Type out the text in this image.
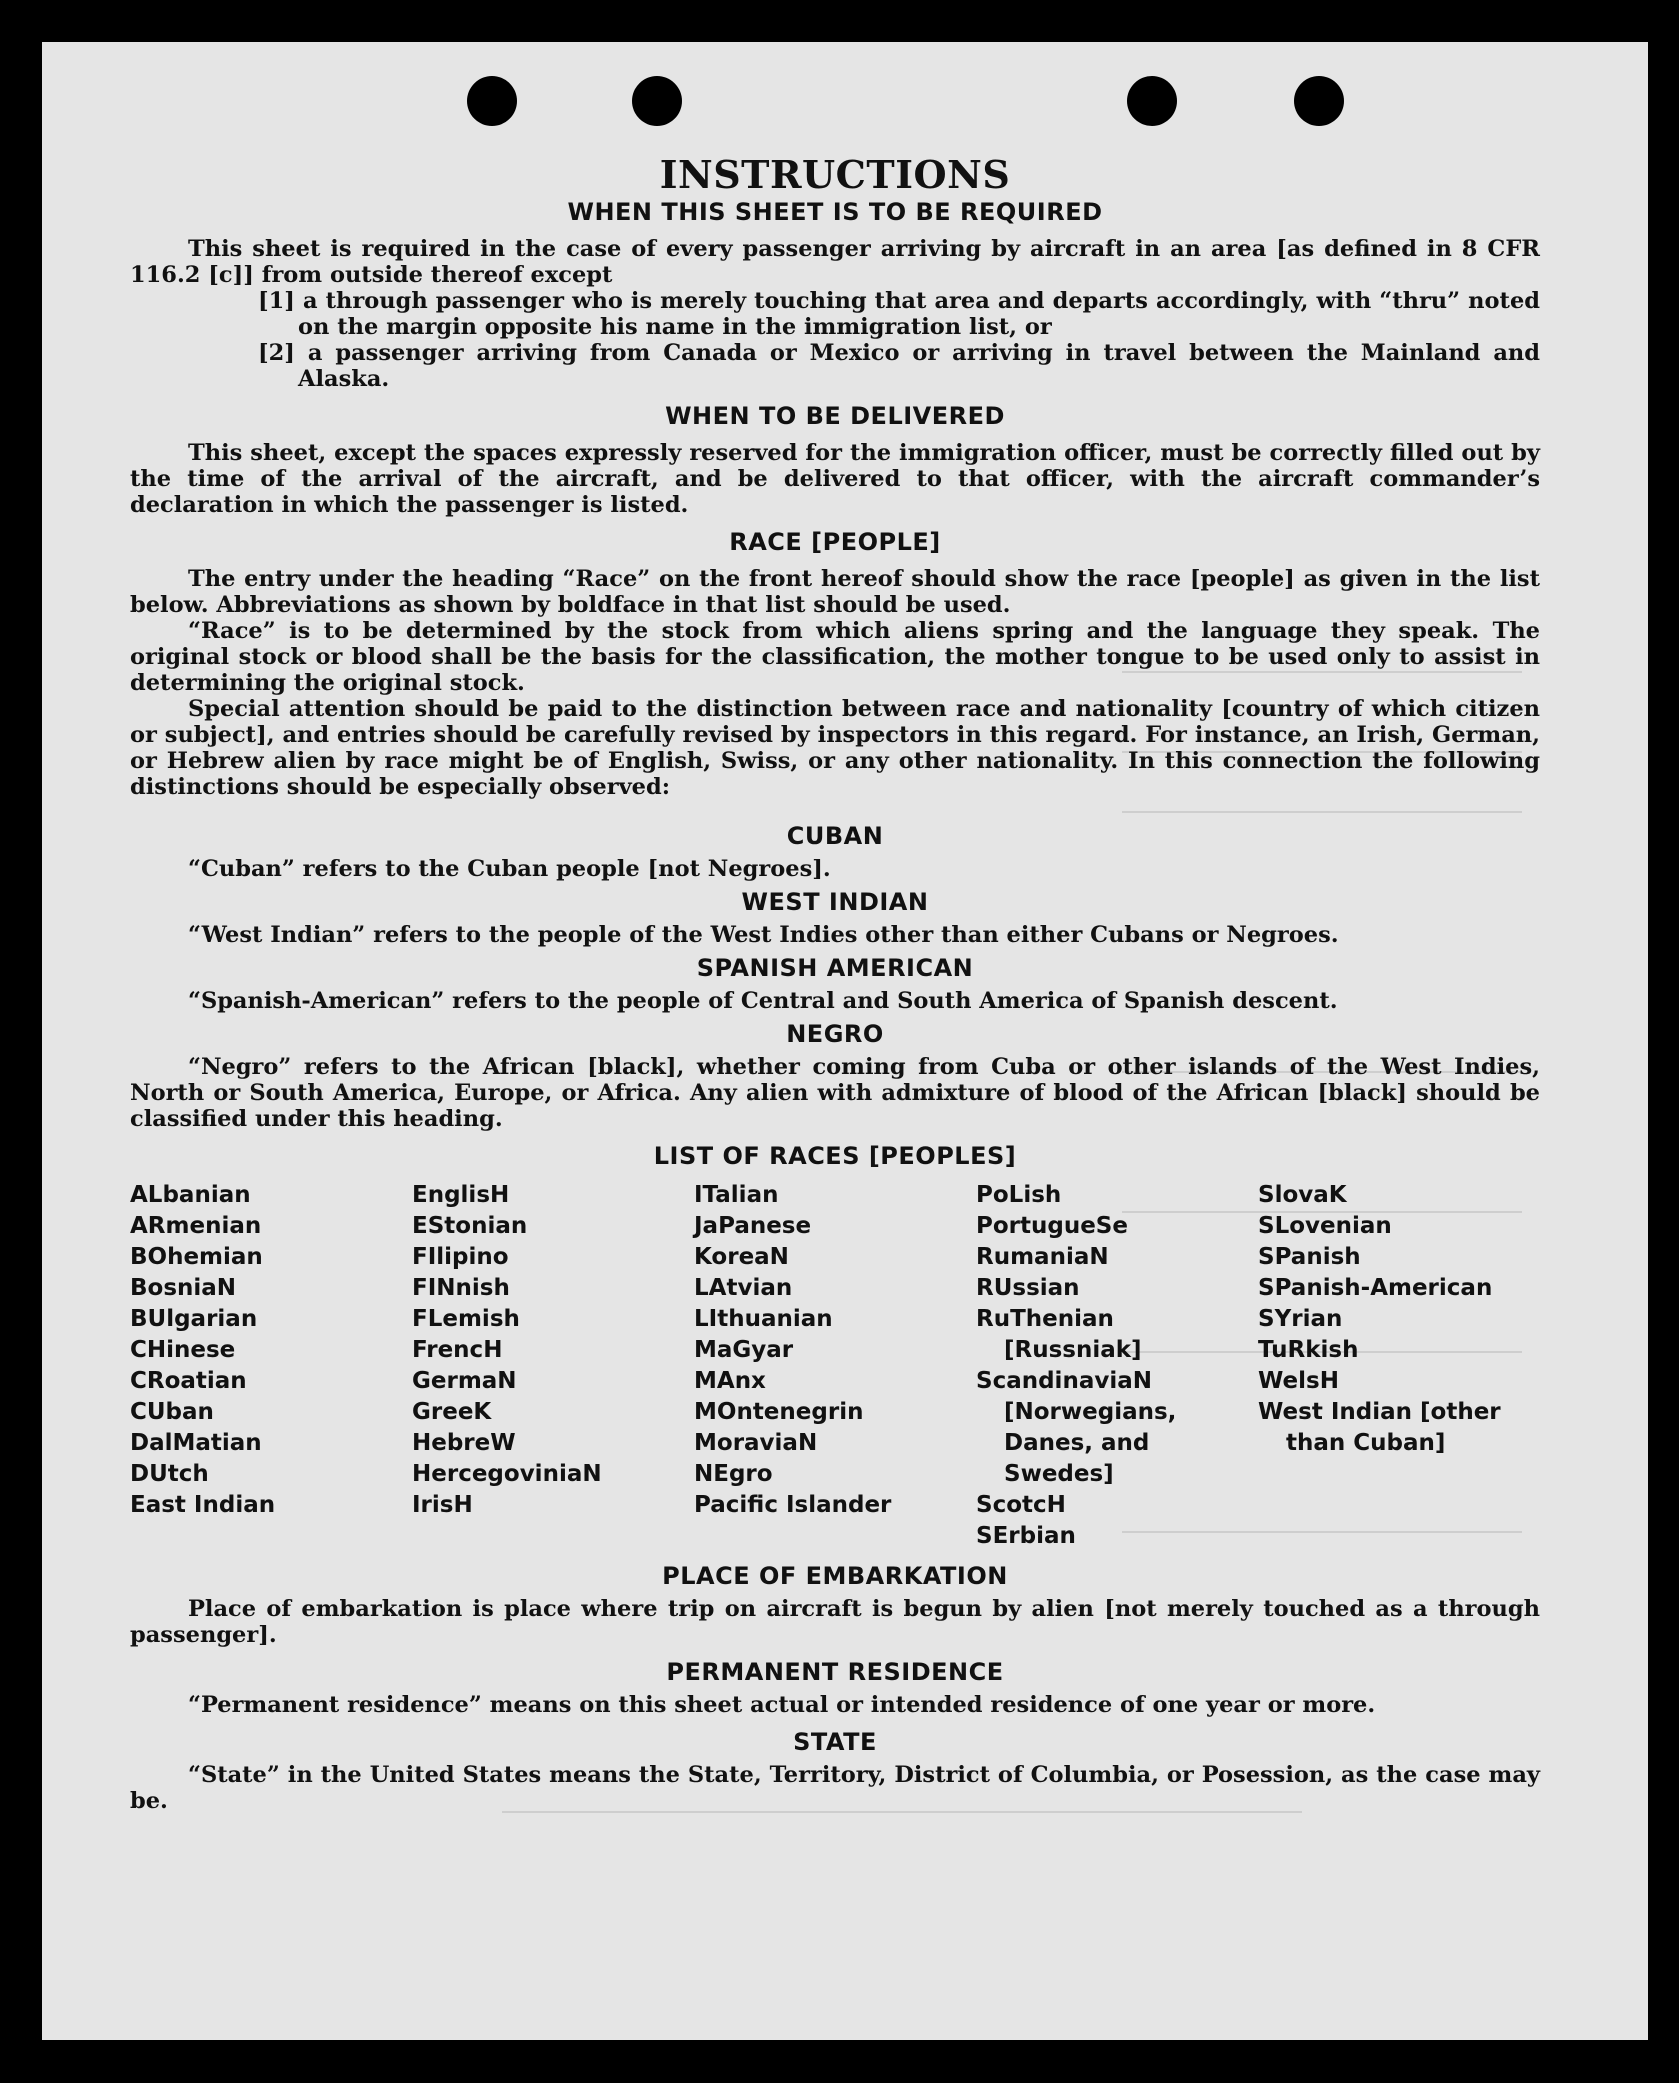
INSTRUCTIONS
WHEN THIS SHEET IS TO BE REQUIRED

This sheet is required in the case of every passenger arriving by aircraft in an area [as defined in 8 CFR 116.2 [c]] from outside thereof except

[1] a through passenger who is merely touching that area and departs accordingly, with “thru” noted on the margin opposite his name in the immigration list, or

[2] a passenger arriving from Canada or Mexico or arriving in travel between the Mainland and Alaska.

WHEN TO BE DELIVERED

This sheet, except the spaces expressly reserved for the immigration officer, must be correctly filled out by the time of the arrival of the aircraft, and be delivered to that officer, with the aircraft commander’s declaration in which the passenger is listed.

RACE [PEOPLE]

The entry under the heading “Race” on the front hereof should show the race [people] as given in the list below. Abbreviations as shown by boldface in that list should be used.

“Race” is to be determined by the stock from which aliens spring and the language they speak. The original stock or blood shall be the basis for the classification, the mother tongue to be used only to assist in determining the original stock.

Special attention should be paid to the distinction between race and nationality [country of which citizen or subject], and entries should be carefully revised by inspectors in this regard. For instance, an Irish, German, or Hebrew alien by race might be of English, Swiss, or any other nationality. In this connection the following distinctions should be especially observed:

CUBAN

“Cuban” refers to the Cuban people [not Negroes].

WEST INDIAN

“West Indian” refers to the people of the West Indies other than either Cubans or Negroes.

SPANISH AMERICAN

“Spanish-American” refers to the people of Central and South America of Spanish descent.

NEGRO

“Negro” refers to the African [black], whether coming from Cuba or other islands of the West Indies, North or South America, Europe, or Africa. Any alien with admixture of blood of the African [black] should be classified under this heading.

LIST OF RACES [PEOPLES]
ALbanian
ARmenian
BOhemian
BosniaN
BUlgarian
CHinese
CRoatian
CUban
DalMatian
DUtch
East Indian
EnglisH
EStonian
FIlipino
FINnish
FLemish
FrencH
GermaN
GreeK
HebreW
HercegovinіaN
IrisH
ITalian
JaPanese
KoreaN
LAtvian
LIthuanian
MaGyar
MAnx
MOntenegrin
MoraviaN
NEgro
Pacific Islander
PoLish
PortugueSe
RumaniaN
RUssian
RuThenian [Russniak]
ScandinaviaN [Norwegians, Danes, and Swedes]
ScotcH
SErbian
SlovaK
SLovenian
SPanish
SPanish-American
SYrian
TuRkish
WelsH
West Indian [other than Cuban]
PLACE OF EMBARKATION

Place of embarkation is place where trip on aircraft is begun by alien [not merely touched as a through passenger].

PERMANENT RESIDENCE

“Permanent residence” means on this sheet actual or intended residence of one year or more.

STATE

“State” in the United States means the State, Territory, District of Columbia, or Posession, as the case may be.
